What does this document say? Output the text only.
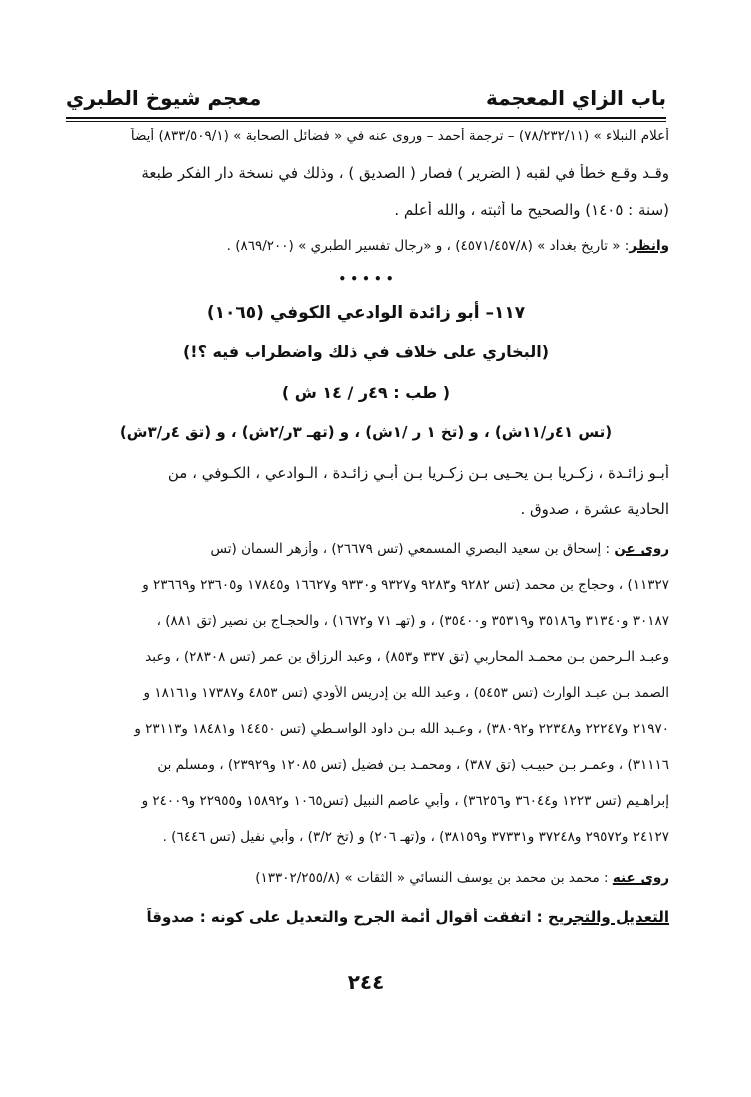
باب الزاي المعجمة
معجم شيوخ الطبري
أعلام النبلاء » (٧٨/٢٣٢/١١) – ترجمة أحمد – وروى عنه في « فضائل الصحابة » (٨٣٣/٥٠٩/١) أيضاً
وقـد وقـع خطأ في لقبه ( الضرير ) فصار ( الصديق ) ، وذلك في نسخة دار الفكر طبعة
(سنة : ١٤٠٥) والصحيح ما أثبته ، والله أعلم .
وانظر: « تاريخ بغداد » (٤٥٧١/٤٥٧/٨) ، و «رجال تفسير الطبري » (٨٦٩/٢٠٠) .
• • • • •
١١٧– أبو زائدة الوادعي الكوفي (١٠٦٥)
(البخاري على خلاف في ذلك واضطراب فيه ؟!)
( طب : ٤٩ر / ١٤ ش )
(تس ٤١ر/١١ش) ، و (تخ ١ ر /١ش) ، و (تهـ ٣ر/٢ش) ، و (تق ٤ر/٣ش)
أبـو زائـدة ، زكـريا بـن يحـيى بـن زكـريا بـن أبـي زائـدة ، الـوادعي ، الكـوفي ، من
الحادية عشرة ، صدوق .
روى عن : إسحاق بن سعيد البصري المسمعي (تس ٢٦٦٧٩) ، وأزهر السمان (تس
١١٣٢٧) ، وحجاج بن محمد (تس ٩٢٨٢ و٩٢٨٣ و٩٣٢٧ و٩٣٣٠ و١٦٦٢٧ و١٧٨٤٥ و٢٣٦٠٥ و٢٣٦٦٩ و
٣٠١٨٧ و٣١٣٤٠ و٣٥١٨٦ و٣٥٣١٩ و٣٥٤٠٠) ، و (تهـ ٧١ و١٦٧٢) ، والحجـاج بن نصير (تق ٨٨١) ،
وعبـد الـرحمن بـن محمـد المحاربي (تق ٣٣٧ و٨٥٣) ، وعبد الرزاق بن عمر (تس ٢٨٣٠٨) ، وعبد
الصمد بـن عبـد الوارث (تس ٥٤٥٣) ، وعبد الله بن إدريس الأودي (تس ٤٨٥٣ و١٧٣٨٧ و١٨١٦١ و
٢١٩٧٠ و٢٢٢٤٧ و٢٢٣٤٨ و٣٨٠٩٢) ، وعـبد الله بـن داود الواسـطي (تس ١٤٤٥٠ و١٨٤٨١ و٢٣١١٣ و
٣١١١٦) ، وعمـر بـن حبيـب (تق ٣٨٧) ، ومحمـد بـن فضيل (تس ١٢٠٨٥ و٢٣٩٢٩) ، ومسلم بن
إبراهـيم (تس ١٢٢٣ و٣٦٠٤٤ و٣٦٢٥٦) ، وأبي عاصم النبيل (تس١٠٦٥ و١٥٨٩٢ و٢٢٩٥٥ و٢٤٠٠٩ و
٢٤١٢٧ و٢٩٥٧٢ و٣٧٢٤٨ و٣٧٣٣١ و٣٨١٥٩) ، و(تهـ ٢٠٦) و (تخ ٣/٢) ، وأبي نفيل (تس ٦٤٤٦) .
روى عنه : محمد بن محمد بن يوسف النسائي « الثقات » (١٣٣٠٢/٢٥٥/٨)
التعديل والتجريح : اتفقت أقوال أئمة الجرح والتعديل على كونه : صدوقاً
٢٤٤
